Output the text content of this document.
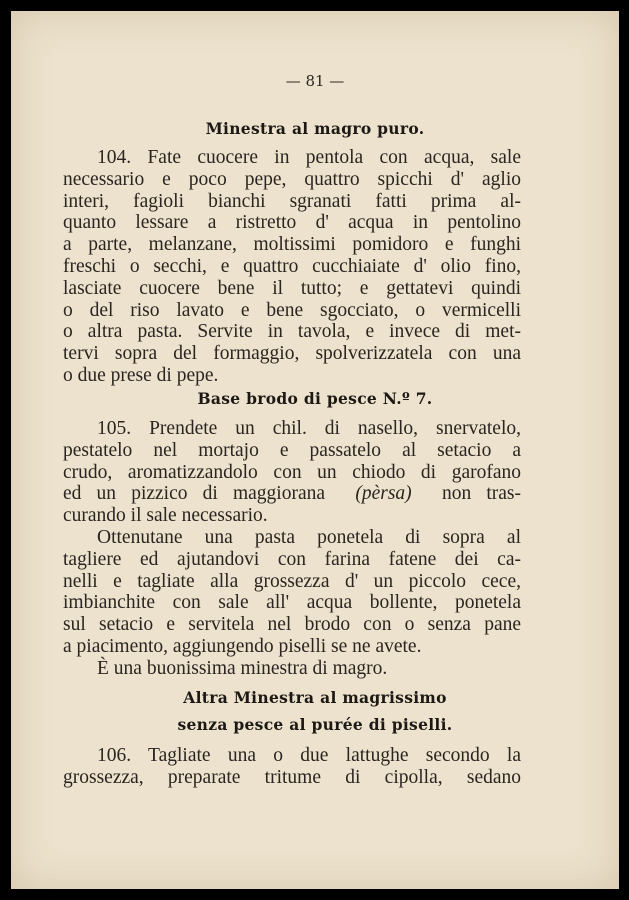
— 81 —
Minestra al magro puro.
104. Fate cuocere in pentola con acqua, sale
necessario e poco pepe, quattro spicchi d' aglio
interi, fagioli bianchi sgranati fatti prima al-
quanto lessare a ristretto d' acqua in pentolino
a parte, melanzane, moltissimi pomidoro e funghi
freschi o secchi, e quattro cucchiaiate d' olio fino,
lasciate cuocere bene il tutto; e gettatevi quindi
o del riso lavato e bene sgocciato, o vermicelli
o altra pasta. Servite in tavola, e invece di met-
tervi sopra del formaggio, spolverizzatela con una
o due prese di pepe.
Base brodo di pesce N.º 7.
105. Prendete un chil. di nasello, snervatelo,
pestatelo nel mortajo e passatelo al setacio a
crudo, aromatizzandolo con un chiodo di garofano
ed un pizzico di maggiorana (pèrsa) non tras-
curando il sale necessario.
Ottenutane una pasta ponetela di sopra al
tagliere ed ajutandovi con farina fatene dei ca-
nelli e tagliate alla grossezza d' un piccolo cece,
imbianchite con sale all' acqua bollente, ponetela
sul setacio e servitela nel brodo con o senza pane
a piacimento, aggiungendo piselli se ne avete.
È una buonissima minestra di magro.
Altra Minestra al magrissimo
senza pesce al purée di piselli.
106. Tagliate una o due lattughe secondo la
grossezza, preparate tritume di cipolla, sedano
